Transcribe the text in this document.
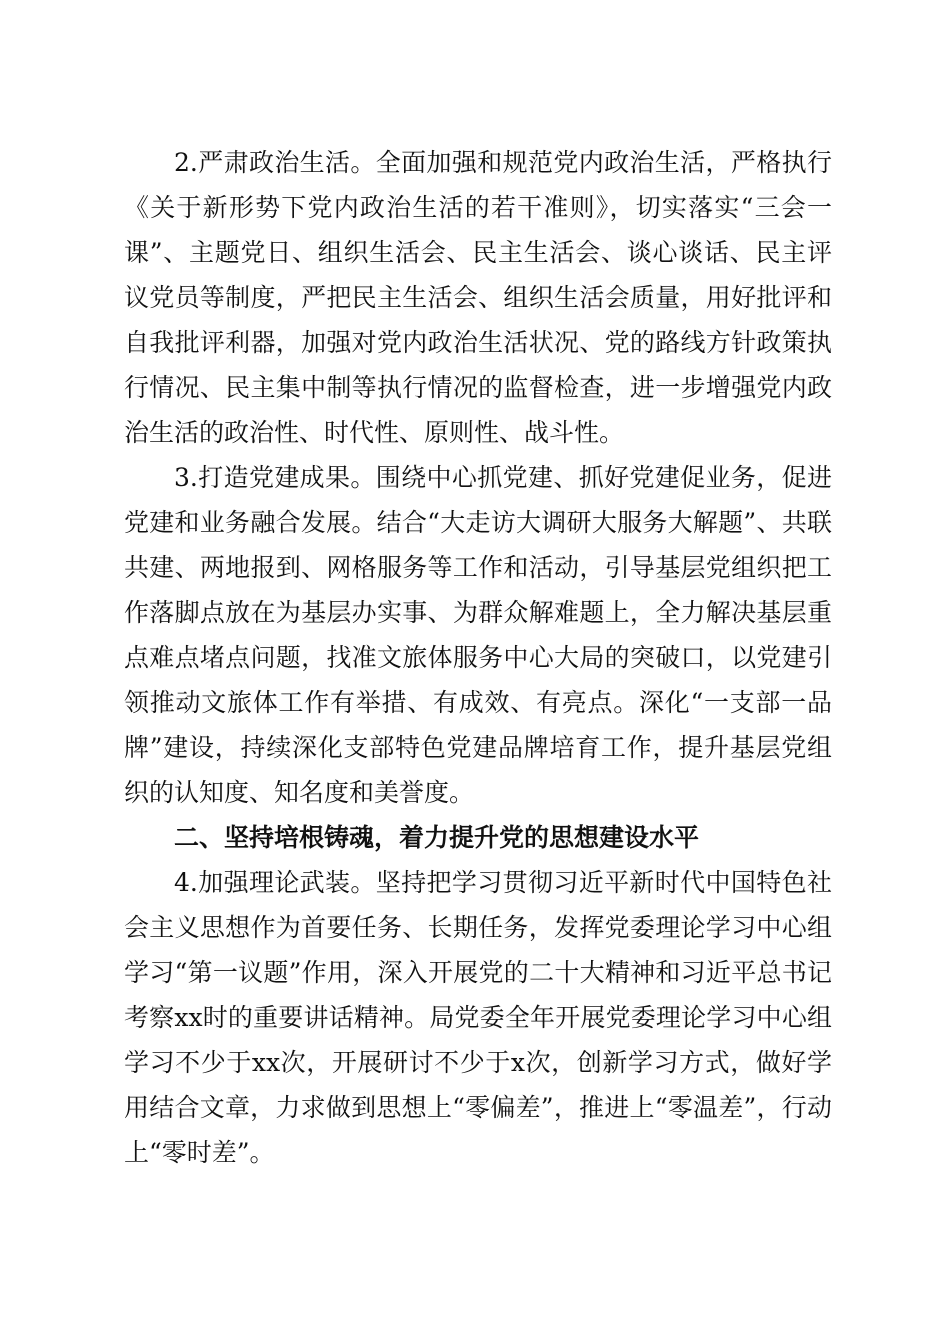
2.严肃政治生活。全面加强和规范党内政治生活，严格执行《关于新形势下党内政治生活的若干准则》，切实落实“三会一课”、主题党日、组织生活会、民主生活会、谈心谈话、民主评议党员等制度，严把民主生活会、组织生活会质量，用好批评和自我批评利器，加强对党内政治生活状况、党的路线方针政策执行情况、民主集中制等执行情况的监督检查，进一步增强党内政治生活的政治性、时代性、原则性、战斗性。

3.打造党建成果。围绕中心抓党建、抓好党建促业务，促进党建和业务融合发展。结合“大走访大调研大服务大解题”、共联共建、两地报到、网格服务等工作和活动，引导基层党组织把工作落脚点放在为基层办实事、为群众解难题上，全力解决基层重点难点堵点问题，找准文旅体服务中心大局的突破口，以党建引领推动文旅体工作有举措、有成效、有亮点。深化“一支部一品牌”建设，持续深化支部特色党建品牌培育工作，提升基层党组织的认知度、知名度和美誉度。

二、坚持培根铸魂，着力提升党的思想建设水平

4.加强理论武装。坚持把学习贯彻习近平新时代中国特色社会主义思想作为首要任务、长期任务，发挥党委理论学习中心组学习“第一议题”作用，深入开展党的二十大精神和习近平总书记考察xx时的重要讲话精神。局党委全年开展党委理论学习中心组学习不少于xx次，开展研讨不少于x次，创新学习方式，做好学用结合文章，力求做到思想上“零偏差”，推进上“零温差”，行动上“零时差”。
